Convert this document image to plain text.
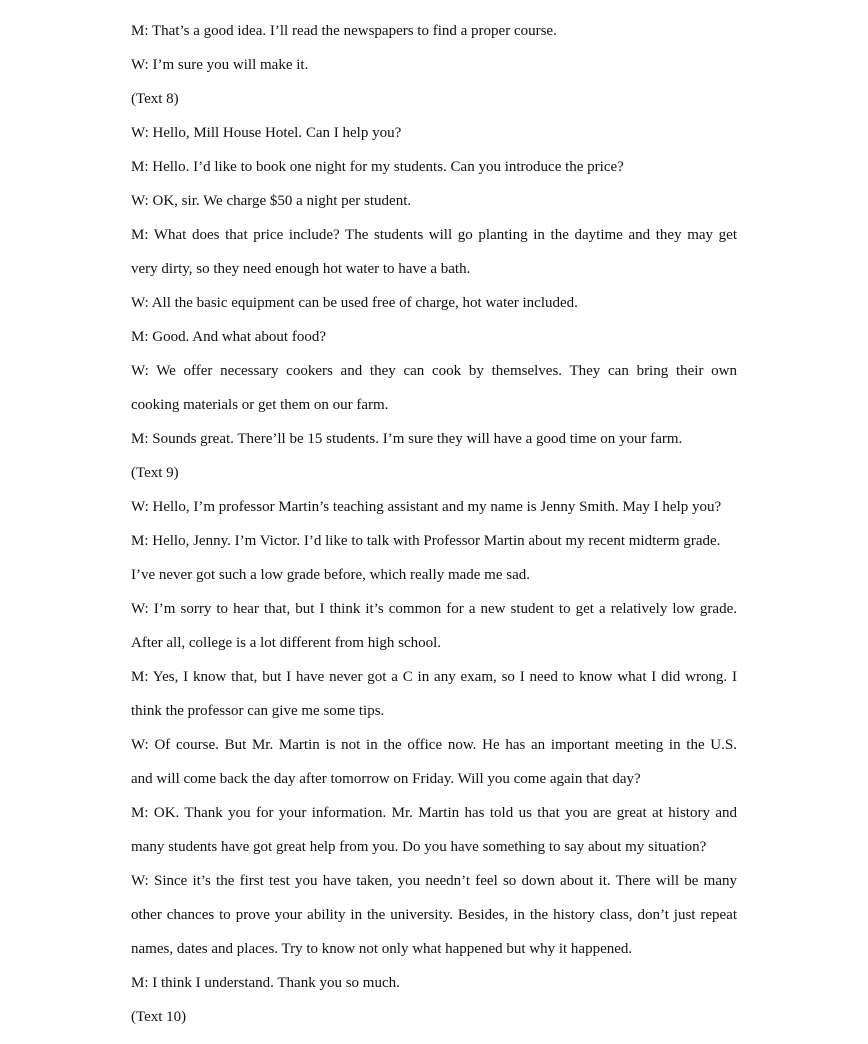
M: That’s a good idea. I’ll read the newspapers to find a proper course.
W: I’m sure you will make it.
(Text 8)
W: Hello, Mill House Hotel. Can I help you?
M: Hello. I’d like to book one night for my students. Can you introduce the price?
W: OK, sir. We charge $50 a night per student.
M: What does that price include? The students will go planting in the daytime and they may get
very dirty, so they need enough hot water to have a bath.
W: All the basic equipment can be used free of charge, hot water included.
M: Good. And what about food?
W: We offer necessary cookers and they can cook by themselves. They can bring their own
cooking materials or get them on our farm.
M: Sounds great. There’ll be 15 students. I’m sure they will have a good time on your farm.
(Text 9)
W: Hello, I’m professor Martin’s teaching assistant and my name is Jenny Smith. May I help you?
M: Hello, Jenny. I’m Victor. I’d like to talk with Professor Martin about my recent midterm grade.
I’ve never got such a low grade before, which really made me sad.
W: I’m sorry to hear that, but I think it’s common for a new student to get a relatively low grade.
After all, college is a lot different from high school.
M: Yes, I know that, but I have never got a C in any exam, so I need to know what I did wrong. I
think the professor can give me some tips.
W: Of course. But Mr. Martin is not in the office now. He has an important meeting in the U.S.
and will come back the day after tomorrow on Friday. Will you come again that day?
M: OK. Thank you for your information. Mr. Martin has told us that you are great at history and
many students have got great help from you. Do you have something to say about my situation?
W: Since it’s the first test you have taken, you needn’t feel so down about it. There will be many
other chances to prove your ability in the university. Besides, in the history class, don’t just repeat
names, dates and places. Try to know not only what happened but why it happened.
M: I think I understand. Thank you so much.
(Text 10)
